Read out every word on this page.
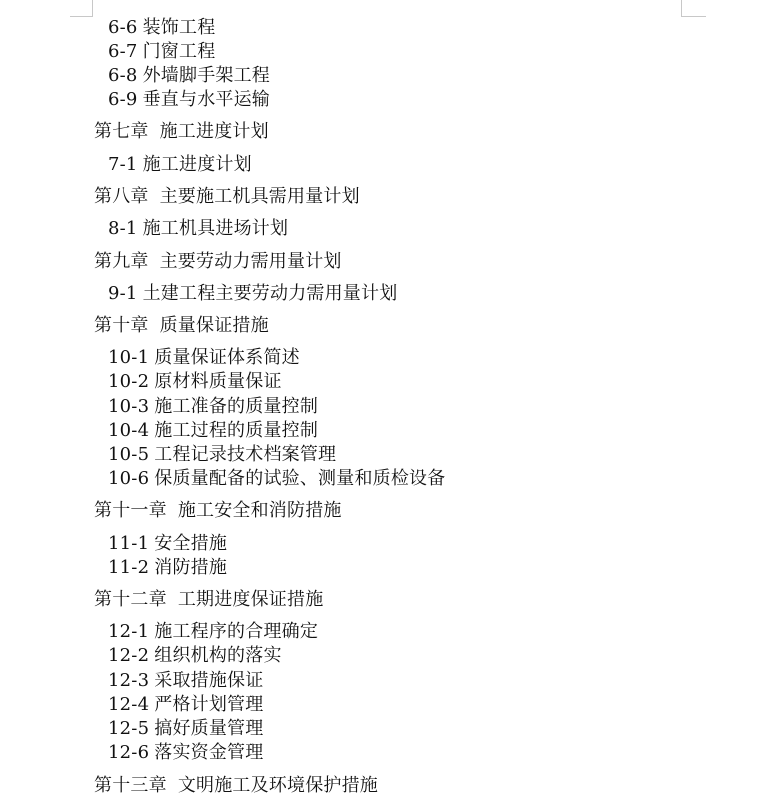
6-6 装饰工程
6-7 门窗工程
6-8 外墙脚手架工程
6-9 垂直与水平运输
第七章 施工进度计划
7-1 施工进度计划
第八章 主要施工机具需用量计划
8-1 施工机具进场计划
第九章 主要劳动力需用量计划
9-1 土建工程主要劳动力需用量计划
第十章 质量保证措施
10-1 质量保证体系简述
10-2 原材料质量保证
10-3 施工准备的质量控制
10-4 施工过程的质量控制
10-5 工程记录技术档案管理
10-6 保质量配备的试验、测量和质检设备
第十一章 施工安全和消防措施
11-1 安全措施
11-2 消防措施
第十二章 工期进度保证措施
12-1 施工程序的合理确定
12-2 组织机构的落实
12-3 采取措施保证
12-4 严格计划管理
12-5 搞好质量管理
12-6 落实资金管理
第十三章 文明施工及环境保护措施
